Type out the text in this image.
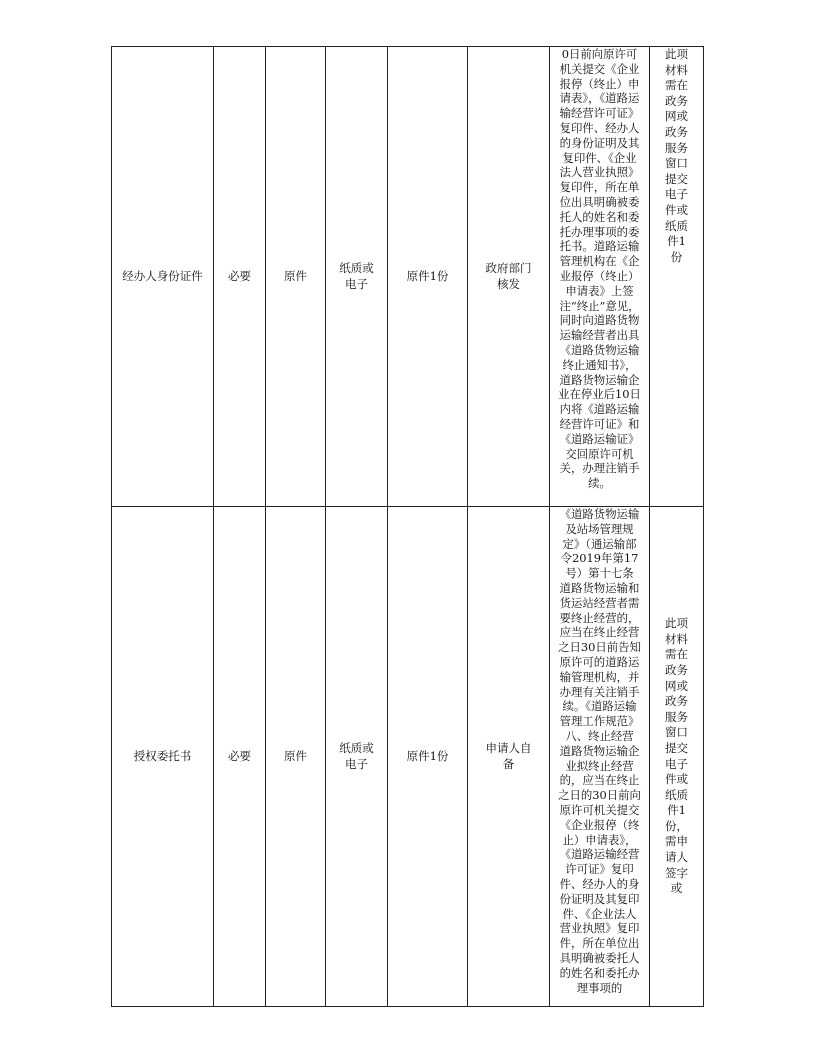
经办人身份证件	必要	原件	纸质或电子	原件1份	政府部门核发	0日前向原许可机关提交《企业报停（终止）申请表》，《道路运输经营许可证》复印件、经办人的身份证明及其复印件、《企业法人营业执照》复印件，所在单位出具明确被委托人的姓名和委托办理事项的委托书。道路运输管理机构在《企业报停（终止）申请表》上签注“终止”意见，同时向道路货物运输经营者出具《道路货物运输终止通知书》，道路货物运输企业在停业后10日内将《道路运输经营许可证》和《道路运输证》交回原许可机关，办理注销手续。	此项材料需在政务网或政务服务窗口提交电子件或纸质件1份

授权委托书	必要	原件	纸质或电子	原件1份	申请人自备	《道路货物运输及站场管理规定》（通运输部令2019年第17号）第十七条　道路货物运输和货运站经营者需要终止经营的，应当在终止经营之日30日前告知原许可的道路运输管理机构，并办理有关注销手续。《道路运输管理工作规范》八、终止经营　道路货物运输企业拟终止经营的，应当在终止之日的30日前向原许可机关提交《企业报停（终止）申请表》，《道路运输经营许可证》复印件、经办人的身份证明及其复印件、《企业法人营业执照》复印件，所在单位出具明确被委托人的姓名和委托办理事项的	此项材料需在政务网或政务服务窗口提交电子件或纸质件1份，需申请人签字或
